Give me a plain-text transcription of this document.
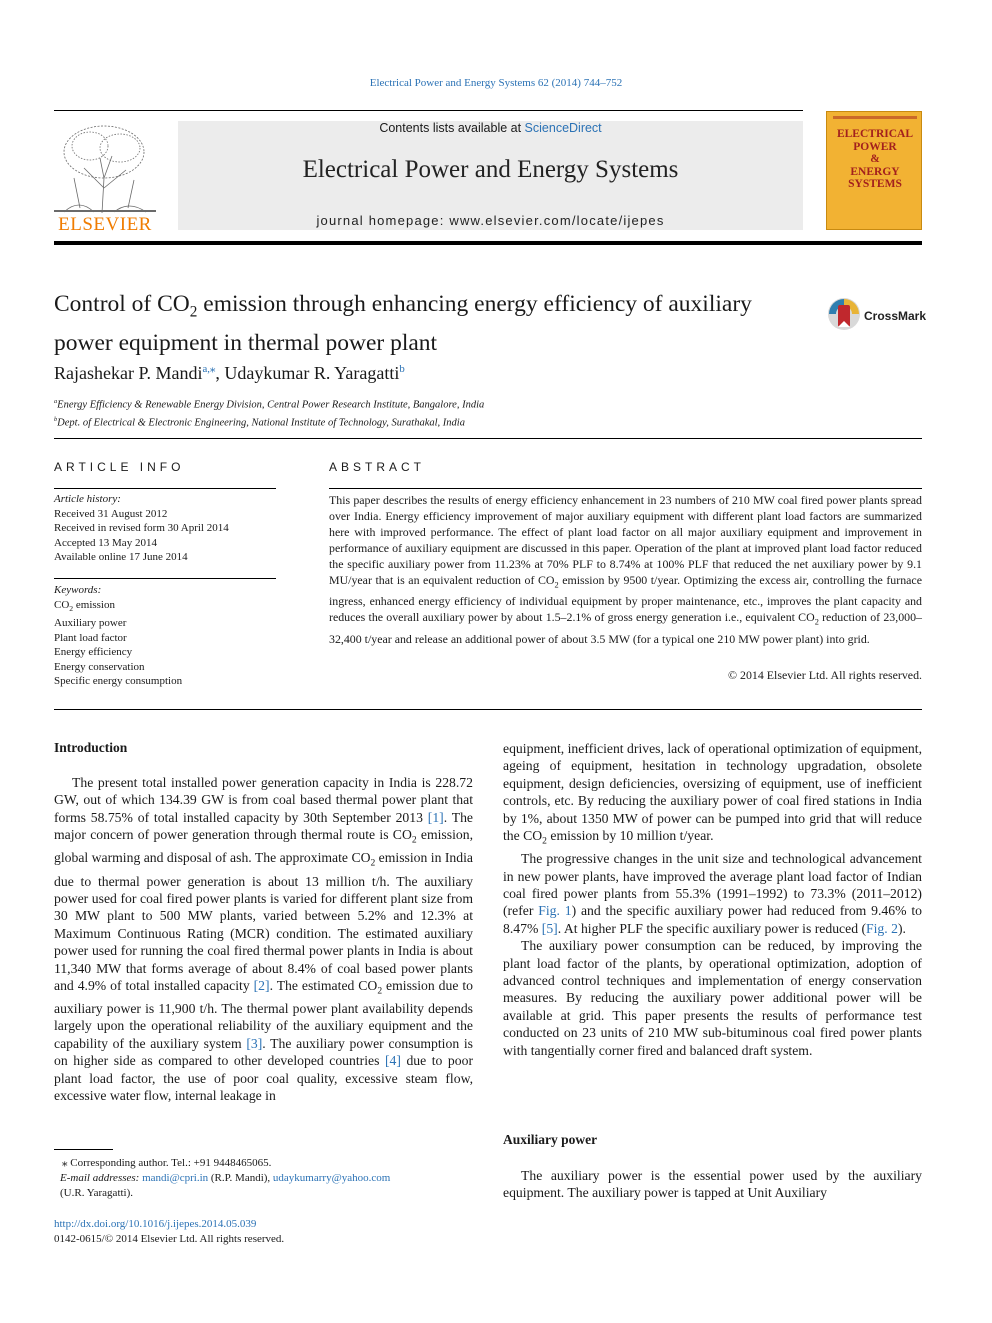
Electrical Power and Energy Systems 62 (2014) 744–752
ELSEVIER
Contents lists available at ScienceDirect
Electrical Power and Energy Systems
journal homepage: www.elsevier.com/locate/ijepes
ELECTRICAL
POWER
&
ENERGY
SYSTEMS
Control of $CO_2$ emission through enhancing energy efficiency of auxiliary power equipment in thermal power plant
CrossMark
Rajashekar P. Mandi$^{a,⁎}$, Udaykumar R. Yaragatti$^b$
$^a$Energy Efficiency & Renewable Energy Division, Central Power Research Institute, Bangalore, India
$^b$Dept. of Electrical & Electronic Engineering, National Institute of Technology, Surathakal, India
ARTICLE INFO
Article history:
Received 31 August 2012
Received in revised form 30 April 2014
Accepted 13 May 2014
Available online 17 June 2014
Keywords:
$CO_2$ emission
Auxiliary power
Plant load factor
Energy efficiency
Energy conservation
Specific energy consumption
ABSTRACT
This paper describes the results of energy efficiency enhancement in 23 numbers of 210 MW coal fired power plants spread over India. Energy efficiency improvement of major auxiliary equipment with different plant load factors are summarized here with improved performance. The effect of plant load factor on all major auxiliary equipment and improvement in performance of auxiliary equipment are discussed in this paper. Operation of the plant at improved plant load factor reduced the specific auxiliary power from 11.23% at 70% PLF to 8.74% at 100% PLF that reduced the net auxiliary power by 9.1 MU/year that is an equivalent reduction of $CO_2$ emission by 9500 t/year. Optimizing the excess air, controlling the furnace ingress, enhanced energy efficiency of individual equipment by proper maintenance, etc., improves the plant capacity and reduces the overall auxiliary power by about 1.5–2.1% of gross energy generation i.e., equivalent $CO_2$ reduction of 23,000–32,400 t/year and release an additional power of about 3.5 MW (for a typical one 210 MW power plant) into grid.
© 2014 Elsevier Ltd. All rights reserved.
Introduction

The present total installed power generation capacity in India is 228.72 GW, out of which 134.39 GW is from coal based thermal power plant that forms 58.75% of total installed capacity by 30th September 2013 [1]. The major concern of power generation through thermal route is $CO_2$ emission, global warming and disposal of ash. The approximate $CO_2$ emission in India due to thermal power generation is about 13 million t/h. The auxiliary power used for coal fired power plants is varied for different plant size from 30 MW plant to 500 MW plants, varied between 5.2% and 12.3% at Maximum Continuous Rating (MCR) condition. The estimated auxiliary power used for running the coal fired thermal power plants in India is about 11,340 MW that forms average of about 8.4% of coal based power plants and 4.9% of total installed capacity [2]. The estimated $CO_2$ emission due to auxiliary power is 11,900 t/h. The thermal power plant availability depends largely upon the operational reliability of the auxiliary equipment and the capability of the auxiliary system [3]. The auxiliary power consumption is on higher side as compared to other developed countries [4] due to poor plant load factor, the use of poor coal quality, excessive steam flow, excessive water flow, internal leakage in

equipment, inefficient drives, lack of operational optimization of equipment, ageing of equipment, hesitation in technology upgradation, obsolete equipment, design deficiencies, oversizing of equipment, use of inefficient controls, etc. By reducing the auxiliary power of coal fired stations in India by 1%, about 1350 MW of power can be pumped into grid that will reduce the $CO_2$ emission by 10 million t/year.

The progressive changes in the unit size and technological advancement in new power plants, have improved the average plant load factor of Indian coal fired power plants from 55.3% (1991–1992) to 73.3% (2011–2012) (refer Fig. 1) and the specific auxiliary power had reduced from 9.46% to 8.47% [5]. At higher PLF the specific auxiliary power is reduced (Fig. 2).

The auxiliary power consumption can be reduced, by improving the plant load factor of the plants, by operational optimization, adoption of advanced control techniques and implementation of energy conservation measures. By reducing the auxiliary power additional power will be available at grid. This paper presents the results of performance test conducted on 23 units of 210 MW sub-bituminous coal fired power plants with tangentially corner fired and balanced draft system.

Auxiliary power

The auxiliary power is the essential power used by the auxiliary equipment. The auxiliary power is tapped at Unit Auxiliary

⁎ Corresponding author. Tel.: +91 9448465065.
E-mail addresses: mandi@cpri.in (R.P. Mandi), udaykumarry@yahoo.com
(U.R. Yaragatti).
http://dx.doi.org/10.1016/j.ijepes.2014.05.039
0142-0615/© 2014 Elsevier Ltd. All rights reserved.
